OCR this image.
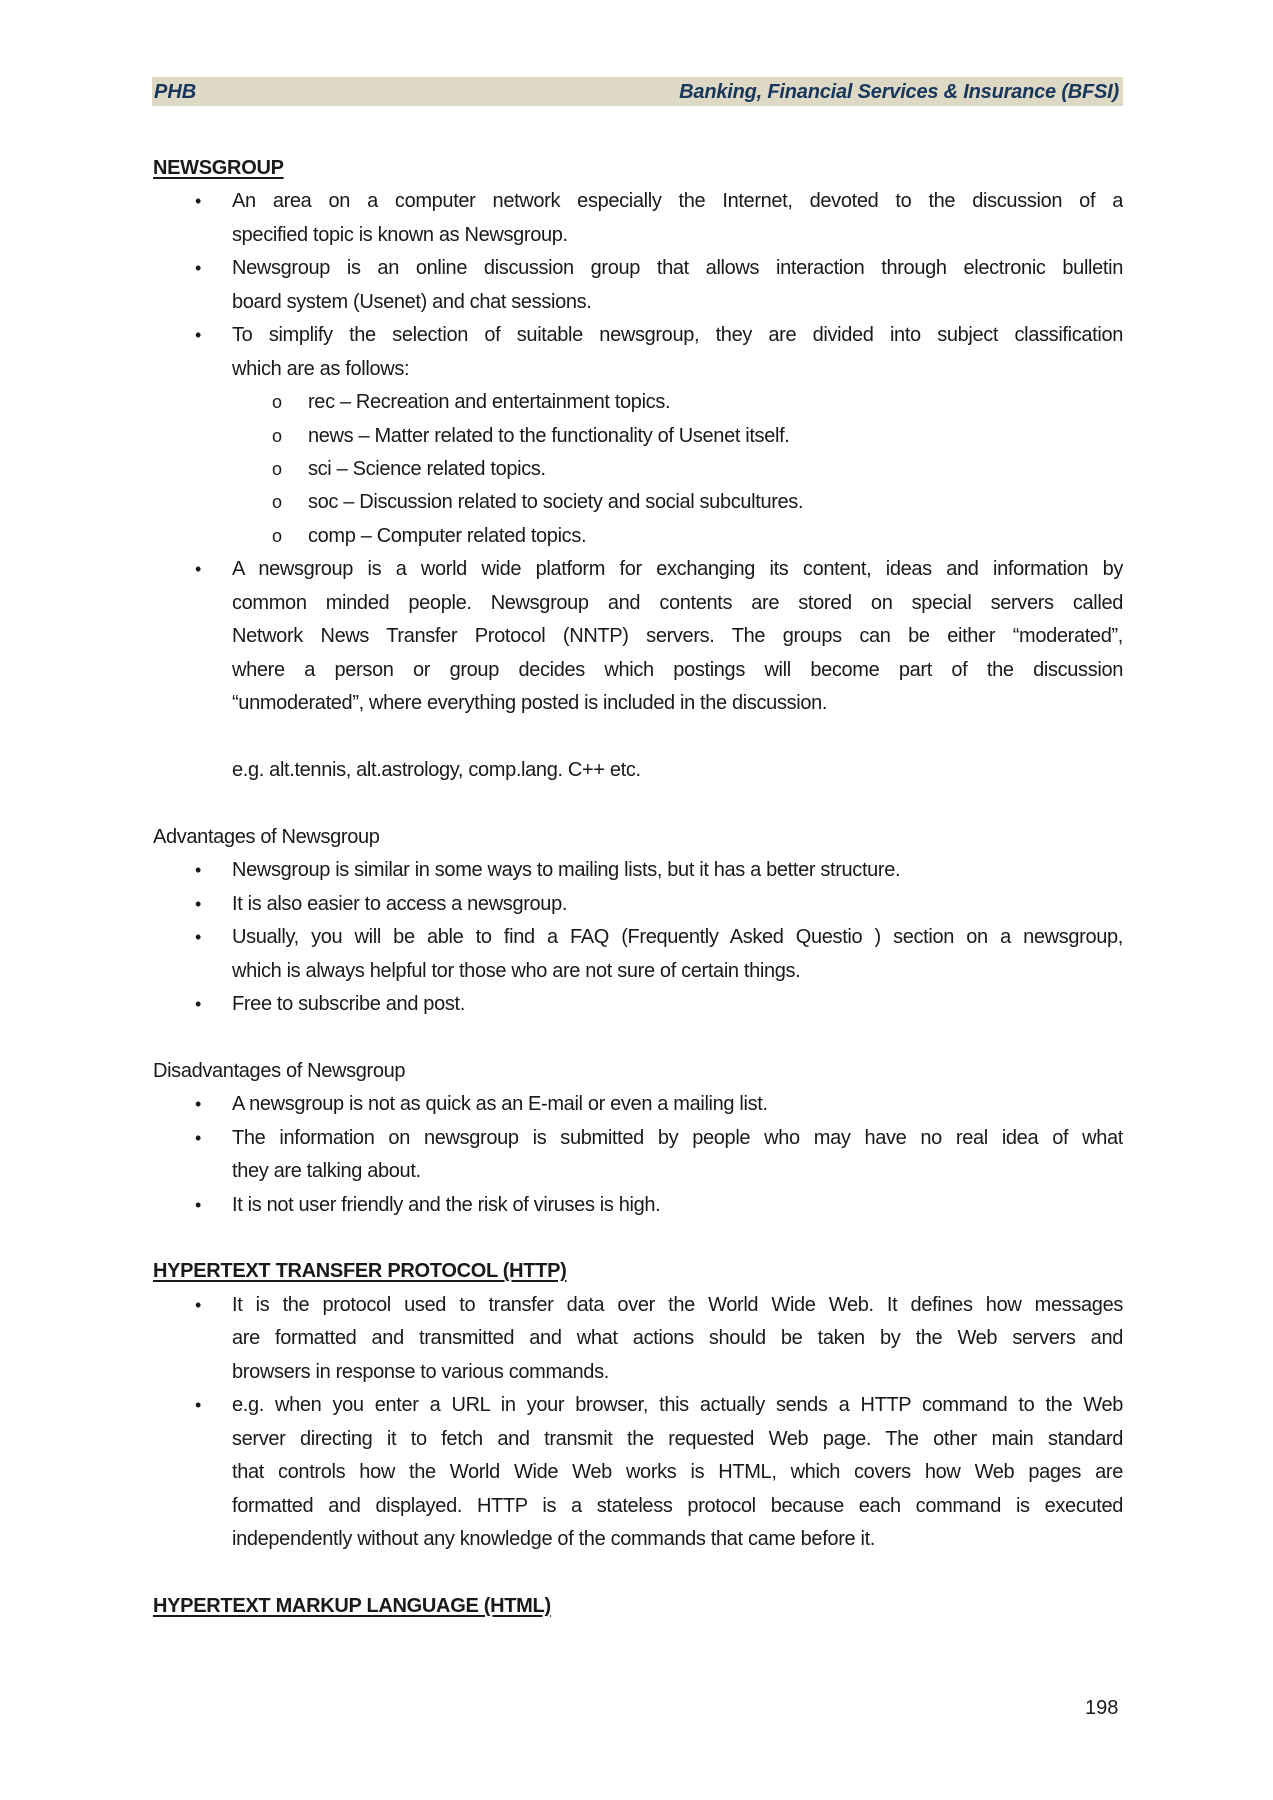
PHB	Banking, Financial Services & Insurance (BFSI)
NEWSGROUP
• An area on a computer network especially the Internet, devoted to the discussion of a
specified topic is known as Newsgroup.
• Newsgroup is an online discussion group that allows interaction through electronic bulletin
board system (Usenet) and chat sessions.
• To simplify the selection of suitable newsgroup, they are divided into subject classification
which are as follows:
o rec – Recreation and entertainment topics.
o news – Matter related to the functionality of Usenet itself.
o sci – Science related topics.
o soc – Discussion related to society and social subcultures.
o comp – Computer related topics.
• A newsgroup is a world wide platform for exchanging its content, ideas and information by
common minded people. Newsgroup and contents are stored on special servers called
Network News Transfer Protocol (NNTP) servers. The groups can be either “moderated”,
where a person or group decides which postings will become part of the discussion
“unmoderated”, where everything posted is included in the discussion.
e.g. alt.tennis, alt.astrology, comp.lang. C++ etc.
Advantages of Newsgroup
• Newsgroup is similar in some ways to mailing lists, but it has a better structure.
• It is also easier to access a newsgroup.
• Usually, you will be able to find a FAQ (Frequently Asked Questio ) section on a newsgroup,
which is always helpful tor those who are not sure of certain things.
• Free to subscribe and post.
Disadvantages of Newsgroup
• A newsgroup is not as quick as an E-mail or even a mailing list.
• The information on newsgroup is submitted by people who may have no real idea of what
they are talking about.
• It is not user friendly and the risk of viruses is high.
HYPERTEXT TRANSFER PROTOCOL (HTTP)
• It is the protocol used to transfer data over the World Wide Web. It defines how messages
are formatted and transmitted and what actions should be taken by the Web servers and
browsers in response to various commands.
• e.g. when you enter a URL in your browser, this actually sends a HTTP command to the Web
server directing it to fetch and transmit the requested Web page. The other main standard
that controls how the World Wide Web works is HTML, which covers how Web pages are
formatted and displayed. HTTP is a stateless protocol because each command is executed
independently without any knowledge of the commands that came before it.
HYPERTEXT MARKUP LANGUAGE (HTML)
198
